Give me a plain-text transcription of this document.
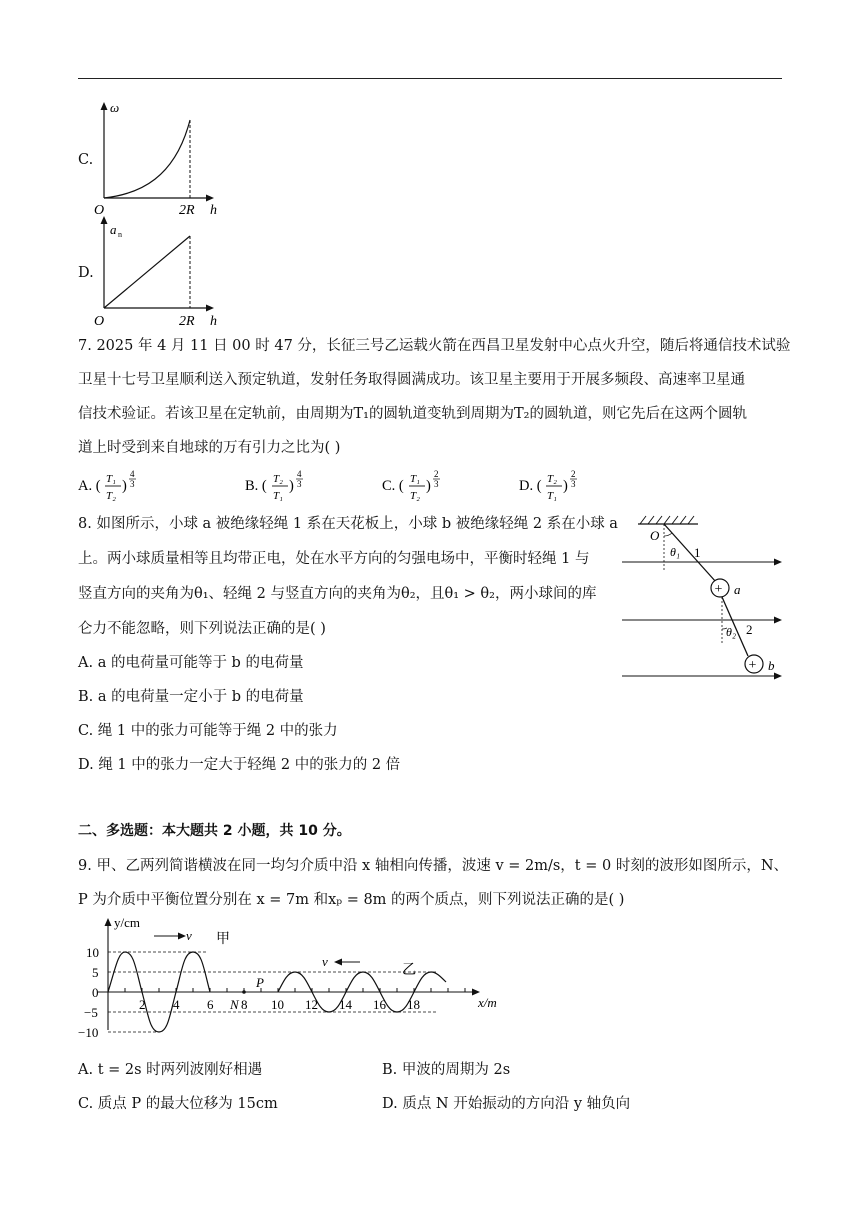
C.
ω
O	2R h
D.
a n
O	2R h
7. 2025 年 4 月 11 日 00 时 47 分，长征三号乙运载火箭在西昌卫星发射中心点火升空，随后将通信技术试验
卫星十七号卫星顺利送入预定轨道，发射任务取得圆满成功。该卫星主要用于开展多频段、高速率卫星通
信技术验证。若该卫星在定轨前，由周期为T₁的圆轨道变轨到周期为T₂的圆轨道，则它先后在这两个圆轨
道上时受到来自地球的万有引力之比为( )
A. ( T₁
T₂
)
4
3	B. ( T₂
T₁
)
4
3	C. ( T₁
T₂
)
2
3	D. ( T₂
T₁
)
2
3
8. 如图所示，小球 a 被绝缘轻绳 1 系在天花板上，小球 b 被绝缘轻绳 2 系在小球 a
上。两小球质量相等且均带正电，处在水平方向的匀强电场中，平衡时轻绳 1 与
竖直方向的夹角为θ₁、轻绳 2 与竖直方向的夹角为θ₂，且θ₁ > θ₂，两小球间的库
仑力不能忽略，则下列说法正确的是( )
A. a 的电荷量可能等于 b 的电荷量
B. a 的电荷量一定小于 b 的电荷量
C. 绳 1 中的张力可能等于绳 2 中的张力
D. 绳 1 中的张力一定大于轻绳 2 中的张力的 2 倍
+
+
O
θ₁ 1
a
θ₂ 2
b
二、多选题：本大题共 2 小题，共 10 分。
9. 甲、乙两列简谐横波在同一均匀介质中沿 x 轴相向传播，波速 v = 2m/s，t = 0 时刻的波形如图所示，N、
P 为介质中平衡位置分别在 x = 7m 和xₚ = 8m 的两个质点，则下列说法正确的是( )
y/cm
10
5
0
−5
−10
2 4 6 8 10 12 14 16 18	x/m
N
P
v
v
甲
乙
A. t = 2s 时两列波刚好相遇	B. 甲波的周期为 2s
C. 质点 P 的最大位移为 15cm	D. 质点 N 开始振动的方向沿 y 轴负向
